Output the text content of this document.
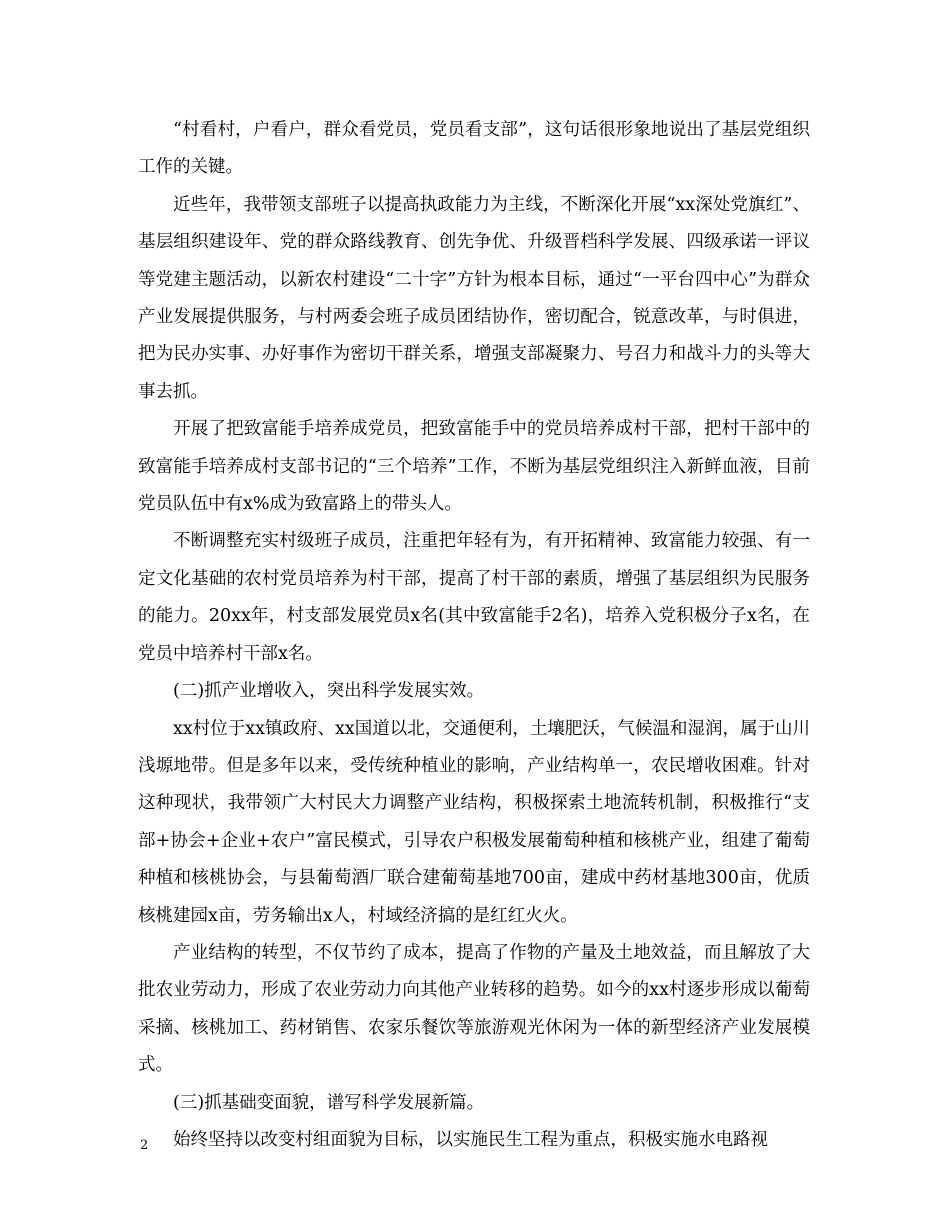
“村看村，户看户，群众看党员，党员看支部”，这句话很形象地说出了基层党组织工作的关键。

近些年，我带领支部班子以提高执政能力为主线，不断深化开展“xx深处党旗红”、基层组织建设年、党的群众路线教育、创先争优、升级晋档科学发展、四级承诺一评议等党建主题活动，以新农村建设“二十字”方针为根本目标，通过“一平台四中心”为群众产业发展提供服务，与村两委会班子成员团结协作，密切配合，锐意改革，与时俱进，把为民办实事、办好事作为密切干群关系，增强支部凝聚力、号召力和战斗力的头等大事去抓。

开展了把致富能手培养成党员，把致富能手中的党员培养成村干部，把村干部中的致富能手培养成村支部书记的“三个培养”工作，不断为基层党组织注入新鲜血液，目前党员队伍中有x%成为致富路上的带头人。

不断调整充实村级班子成员，注重把年轻有为，有开拓精神、致富能力较强、有一定文化基础的农村党员培养为村干部，提高了村干部的素质，增强了基层组织为民服务的能力。20xx年，村支部发展党员x名(其中致富能手2名)，培养入党积极分子x名，在党员中培养村干部x名。

(二)抓产业增收入，突出科学发展实效。

xx村位于xx镇政府、xx国道以北，交通便利，土壤肥沃，气候温和湿润，属于山川浅塬地带。但是多年以来，受传统种植业的影响，产业结构单一，农民增收困难。针对这种现状，我带领广大村民大力调整产业结构，积极探索土地流转机制，积极推行“支部+协会+企业+农户”富民模式，引导农户积极发展葡萄种植和核桃产业，组建了葡萄种植和核桃协会，与县葡萄酒厂联合建葡萄基地700亩，建成中药材基地300亩，优质核桃建园x亩，劳务输出x人，村域经济搞的是红红火火。

产业结构的转型，不仅节约了成本，提高了作物的产量及土地效益，而且解放了大批农业劳动力，形成了农业劳动力向其他产业转移的趋势。如今的xx村逐步形成以葡萄采摘、核桃加工、药材销售、农家乐餐饮等旅游观光休闲为一体的新型经济产业发展模式。

(三)抓基础变面貌，谱写科学发展新篇。

始终坚持以改变村组面貌为目标，以实施民生工程为重点，积极实施水电路视

2
